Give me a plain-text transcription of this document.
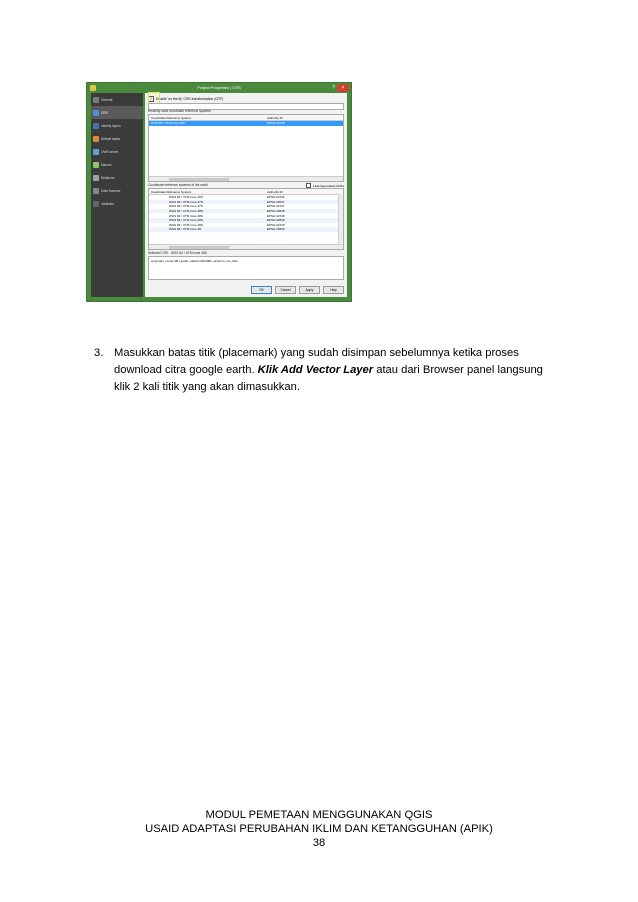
Project Properties | CRS	?	×
General
CRS
Identify layers
Default styles
OWS server
Macros
Relations
Data Sources
Variables
✓ Enable 'on the fly' CRS transformation (OTF)
Recently used coordinate reference systems
Coordinate Reference System	Authority ID
WGS 84 / UTM zone 48S	EPSG:32748
Coordinate reference systems of the world	Hide deprecated CRSs
Coordinate Reference System	Authority ID
WGS 84 / UTM zone 46S	EPSG:32746
WGS 84 / UTM zone 47N	EPSG:32647
WGS 84 / UTM zone 47S	EPSG:32747
WGS 84 / UTM zone 48N	EPSG:32648
WGS 84 / UTM zone 48S	EPSG:32748
WGS 84 / UTM zone 49N	EPSG:32649
WGS 84 / UTM zone 49S	EPSG:32749
WGS 84 / UTM zone 4N	EPSG:32604
Selected CRS: WGS 84 / UTM zone 48S
+proj=utm +zone=48 +south +datum=WGS84 +units=m +no_defs
OK	Cancel	Apply	Help
3. Masukkan batas titik (placemark) yang sudah disimpan sebelumnya ketika proses download citra google earth. Klik Add Vector Layer atau dari Browser panel langsung klik 2 kali titik yang akan dimasukkan.
MODUL PEMETAAN MENGGUNAKAN QGIS
USAID ADAPTASI PERUBAHAN IKLIM DAN KETANGGUHAN (APIK)
38
